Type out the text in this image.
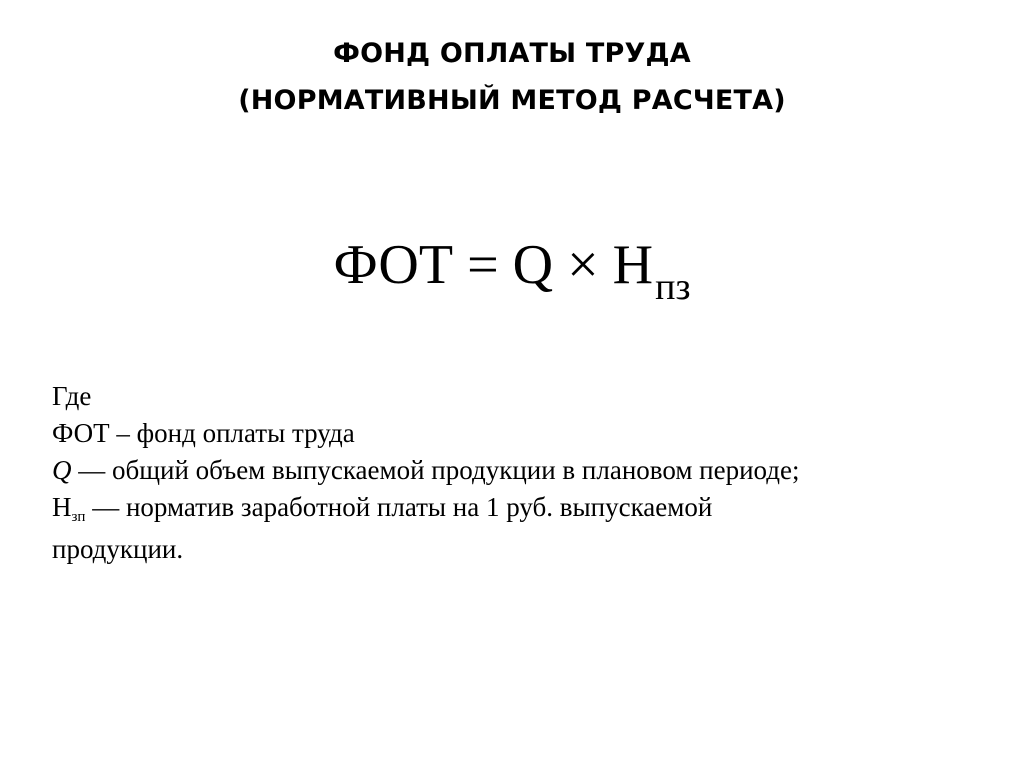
ФОНД ОПЛАТЫ ТРУДА
(НОРМАТИВНЫЙ МЕТОД РАСЧЕТА)
ФОТ = $Q \times Н_{пз}$
Где
ФОТ – фонд оплаты труда
Q — общий объем выпускаемой продукции в плановом периоде;
Нзп — норматив заработной платы на 1 руб. выпускаемой
продукции.
